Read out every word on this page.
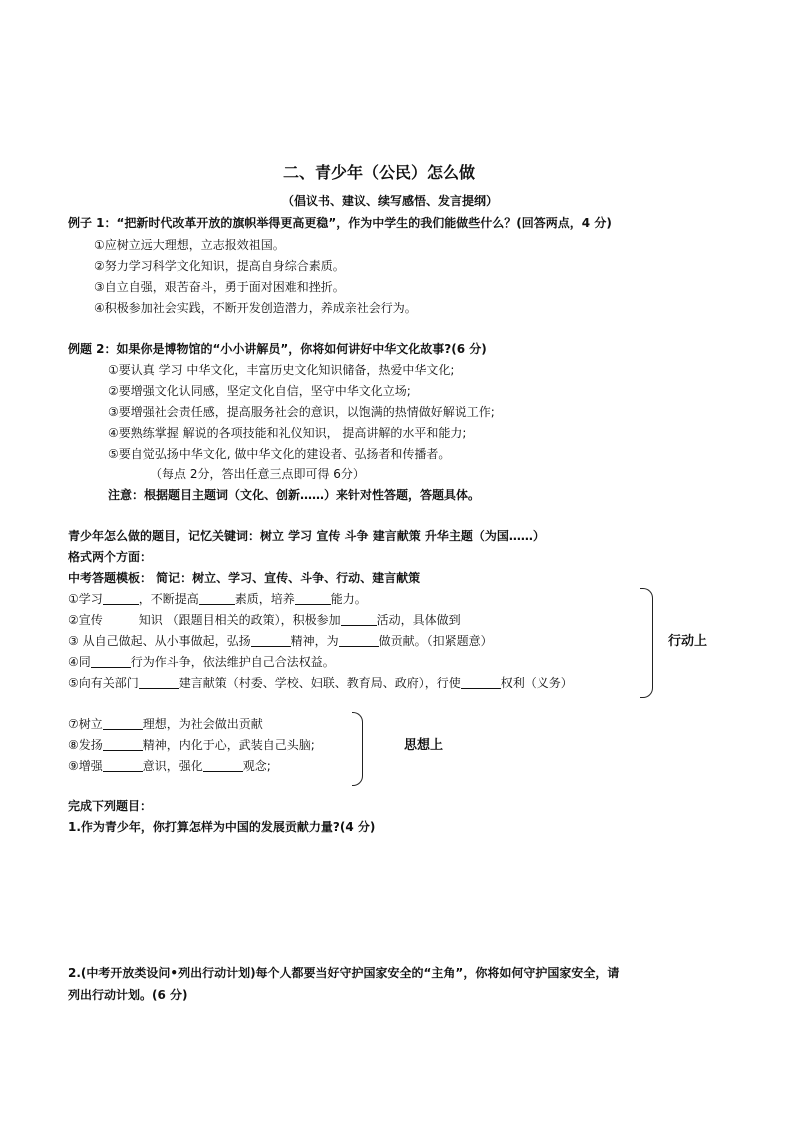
二、青少年（公民）怎么做
（倡议书、建议、续写感悟、发言提纲）
例子 1：“把新时代改革开放的旗帜举得更高更稳”，作为中学生的我们能做些什么？(回答两点，4 分)
①应树立远大理想，立志报效祖国。
②努力学习科学文化知识，提高自身综合素质。
③自立自强，艰苦奋斗，勇于面对困难和挫折。
④积极参加社会实践，不断开发创造潜力，养成亲社会行为。
例题 2：如果你是博物馆的“小小讲解员”，你将如何讲好中华文化故事?(6 分)
①要认真 学习 中华文化，丰富历史文化知识储备，热爱中华文化;
②要增强文化认同感，坚定文化自信，坚守中华文化立场;
③要增强社会责任感，提高服务社会的意识，以饱满的热情做好解说工作;
④要熟练掌握 解说的各项技能和礼仪知识， 提高讲解的水平和能力;
⑤要自觉弘扬中华文化, 做中华文化的建设者、弘扬者和传播者。
（每点 2分，答出任意三点即可得 6分）
注意：根据题目主题词（文化、创新……）来针对性答题，答题具体。
青少年怎么做的题目，记忆关键词：树立 学习 宣传 斗争 建言献策 升华主题（为国……）
格式两个方面：
中考答题模板： 简记：树立、学习、宣传、斗争、行动、建言献策
①学习	，不断提高	素质，培养	能力。
②宣传	知识 （跟题目相关的政策），积极参加	活动，具体做到
③ 从自己做起、从小事做起，弘扬	精神，为	做贡献。（扣紧题意）
④同	行为作斗争，依法维护自己合法权益。
⑤向有关部门	建言献策（村委、学校、妇联、教育局、政府），行使	权利（义务）
行动上
⑦树立	理想，为社会做出贡献
⑧发扬	精神，内化于心，武装自己头脑;
⑨增强	意识，强化	观念;
思想上
完成下列题目：
1.作为青少年，你打算怎样为中国的发展贡献力量?(4 分)
2.(中考开放类设问•列出行动计划)每个人都要当好守护国家安全的“主角”，你将如何守护国家安全，请
列出行动计划。(6 分)
